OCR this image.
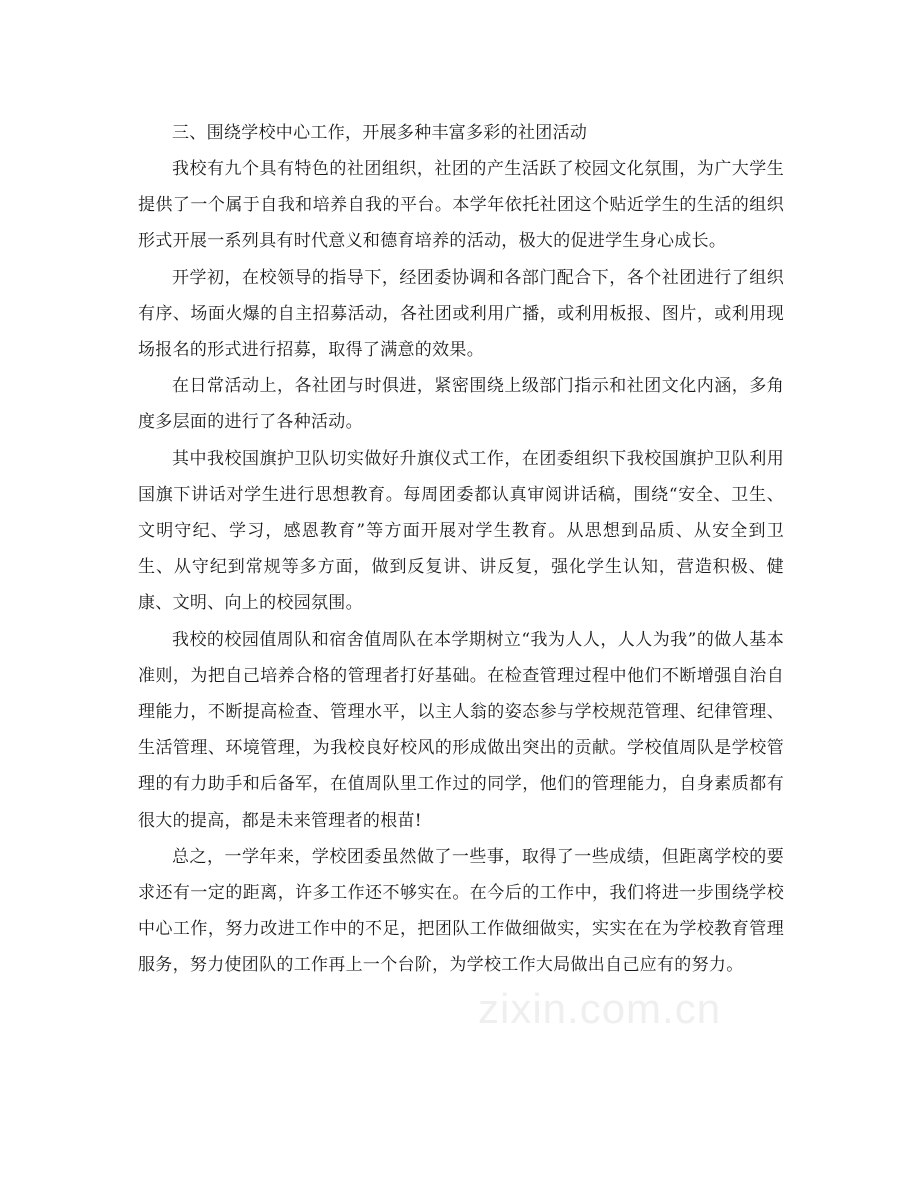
三、围绕学校中心工作，开展多种丰富多彩的社团活动

我校有九个具有特色的社团组织，社团的产生活跃了校园文化氛围，为广大学生提供了一个属于自我和培养自我的平台。本学年依托社团这个贴近学生的生活的组织形式开展一系列具有时代意义和德育培养的活动，极大的促进学生身心成长。

开学初，在校领导的指导下，经团委协调和各部门配合下，各个社团进行了组织有序、场面火爆的自主招募活动，各社团或利用广播，或利用板报、图片，或利用现场报名的形式进行招募，取得了满意的效果。

在日常活动上，各社团与时俱进，紧密围绕上级部门指示和社团文化内涵，多角度多层面的进行了各种活动。

其中我校国旗护卫队切实做好升旗仪式工作，在团委组织下我校国旗护卫队利用国旗下讲话对学生进行思想教育。每周团委都认真审阅讲话稿，围绕“安全、卫生、文明守纪、学习，感恩教育”等方面开展对学生教育。从思想到品质、从安全到卫生、从守纪到常规等多方面，做到反复讲、讲反复，强化学生认知，营造积极、健康、文明、向上的校园氛围。

我校的校园值周队和宿舍值周队在本学期树立“我为人人，人人为我”的做人基本准则，为把自己培养合格的管理者打好基础。在检查管理过程中他们不断增强自治自理能力，不断提高检查、管理水平，以主人翁的姿态参与学校规范管理、纪律管理、生活管理、环境管理，为我校良好校风的形成做出突出的贡献。学校值周队是学校管理的有力助手和后备军，在值周队里工作过的同学，他们的管理能力，自身素质都有很大的提高，都是未来管理者的根苗!

总之，一学年来，学校团委虽然做了一些事，取得了一些成绩，但距离学校的要求还有一定的距离，许多工作还不够实在。在今后的工作中，我们将进一步围绕学校中心工作，努力改进工作中的不足，把团队工作做细做实，实实在在为学校教育管理服务，努力使团队的工作再上一个台阶，为学校工作大局做出自己应有的努力。

zixin.com.cn
